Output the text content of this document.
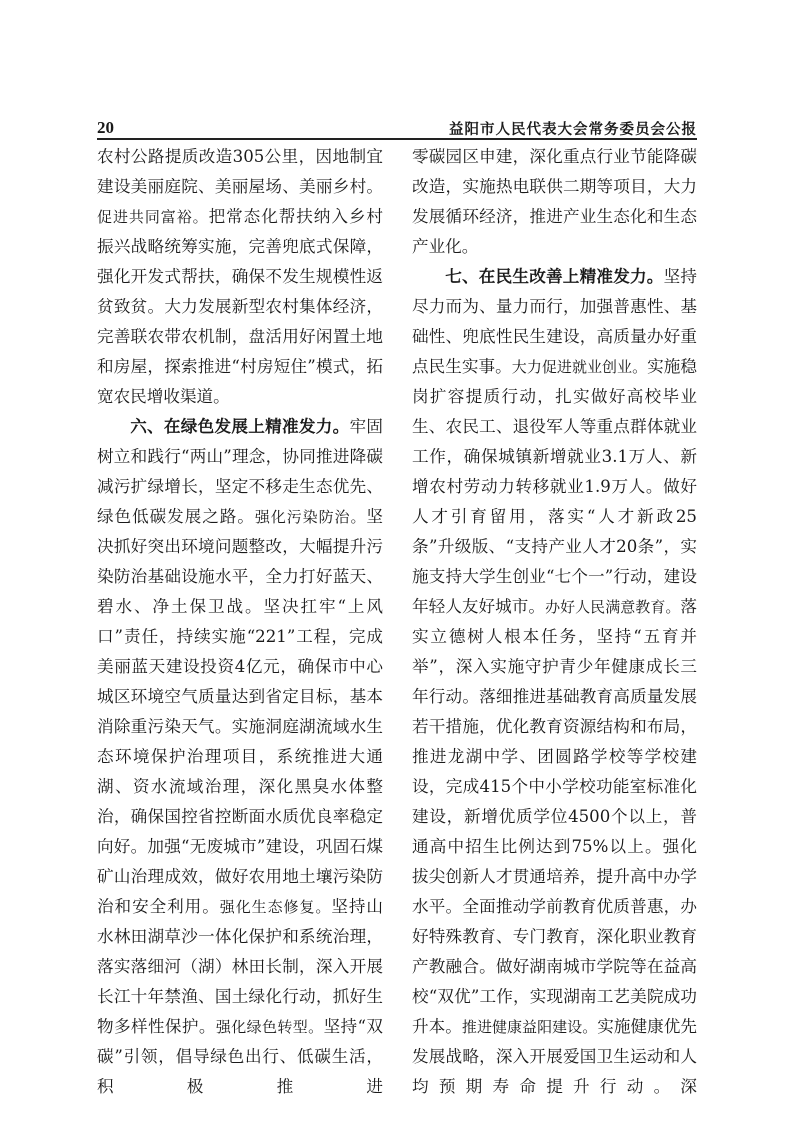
20	益阳市人民代表大会常务委员会公报

农村公路提质改造305公里，因地制宜建设美丽庭院、美丽屋场、美丽乡村。促进共同富裕。把常态化帮扶纳入乡村振兴战略统筹实施，完善兜底式保障，强化开发式帮扶，确保不发生规模性返贫致贫。大力发展新型农村集体经济，完善联农带农机制，盘活用好闲置土地和房屋，探索推进“村房短住”模式，拓宽农民增收渠道。

六、在绿色发展上精准发力。牢固树立和践行“两山”理念，协同推进降碳减污扩绿增长，坚定不移走生态优先、绿色低碳发展之路。强化污染防治。坚决抓好突出环境问题整改，大幅提升污染防治基础设施水平，全力打好蓝天、碧水、净土保卫战。坚决扛牢“上风口”责任，持续实施“221”工程，完成美丽蓝天建设投资4亿元，确保市中心城区环境空气质量达到省定目标，基本消除重污染天气。实施洞庭湖流域水生态环境保护治理项目，系统推进大通湖、资水流域治理，深化黑臭水体整治，确保国控省控断面水质优良率稳定向好。加强“无废城市”建设，巩固石煤矿山治理成效，做好农用地土壤污染防治和安全利用。强化生态修复。坚持山水林田湖草沙一体化保护和系统治理，落实落细河（湖）林田长制，深入开展长江十年禁渔、国土绿化行动，抓好生物多样性保护。强化绿色转型。坚持“双碳”引领，倡导绿色出行、低碳生活，积极推进

零碳园区申建，深化重点行业节能降碳改造，实施热电联供二期等项目，大力发展循环经济，推进产业生态化和生态产业化。

七、在民生改善上精准发力。坚持尽力而为、量力而行，加强普惠性、基础性、兜底性民生建设，高质量办好重点民生实事。大力促进就业创业。实施稳岗扩容提质行动，扎实做好高校毕业生、农民工、退役军人等重点群体就业工作，确保城镇新增就业3.1万人、新增农村劳动力转移就业1.9万人。做好人才引育留用，落实“人才新政25条”升级版、“支持产业人才20条”，实施支持大学生创业“七个一”行动，建设年轻人友好城市。办好人民满意教育。落实立德树人根本任务，坚持“五育并举”，深入实施守护青少年健康成长三年行动。落细推进基础教育高质量发展若干措施，优化教育资源结构和布局，推进龙湖中学、团圆路学校等学校建设，完成415个中小学校功能室标准化建设，新增优质学位4500个以上，普通高中招生比例达到75%以上。强化拔尖创新人才贯通培养，提升高中办学水平。全面推动学前教育优质普惠，办好特殊教育、专门教育，深化职业教育产教融合。做好湖南城市学院等在益高校“双优”工作，实现湖南工艺美院成功升本。推进健康益阳建设。实施健康优先发展战略，深入开展爱国卫生运动和人均预期寿命提升行动。深
